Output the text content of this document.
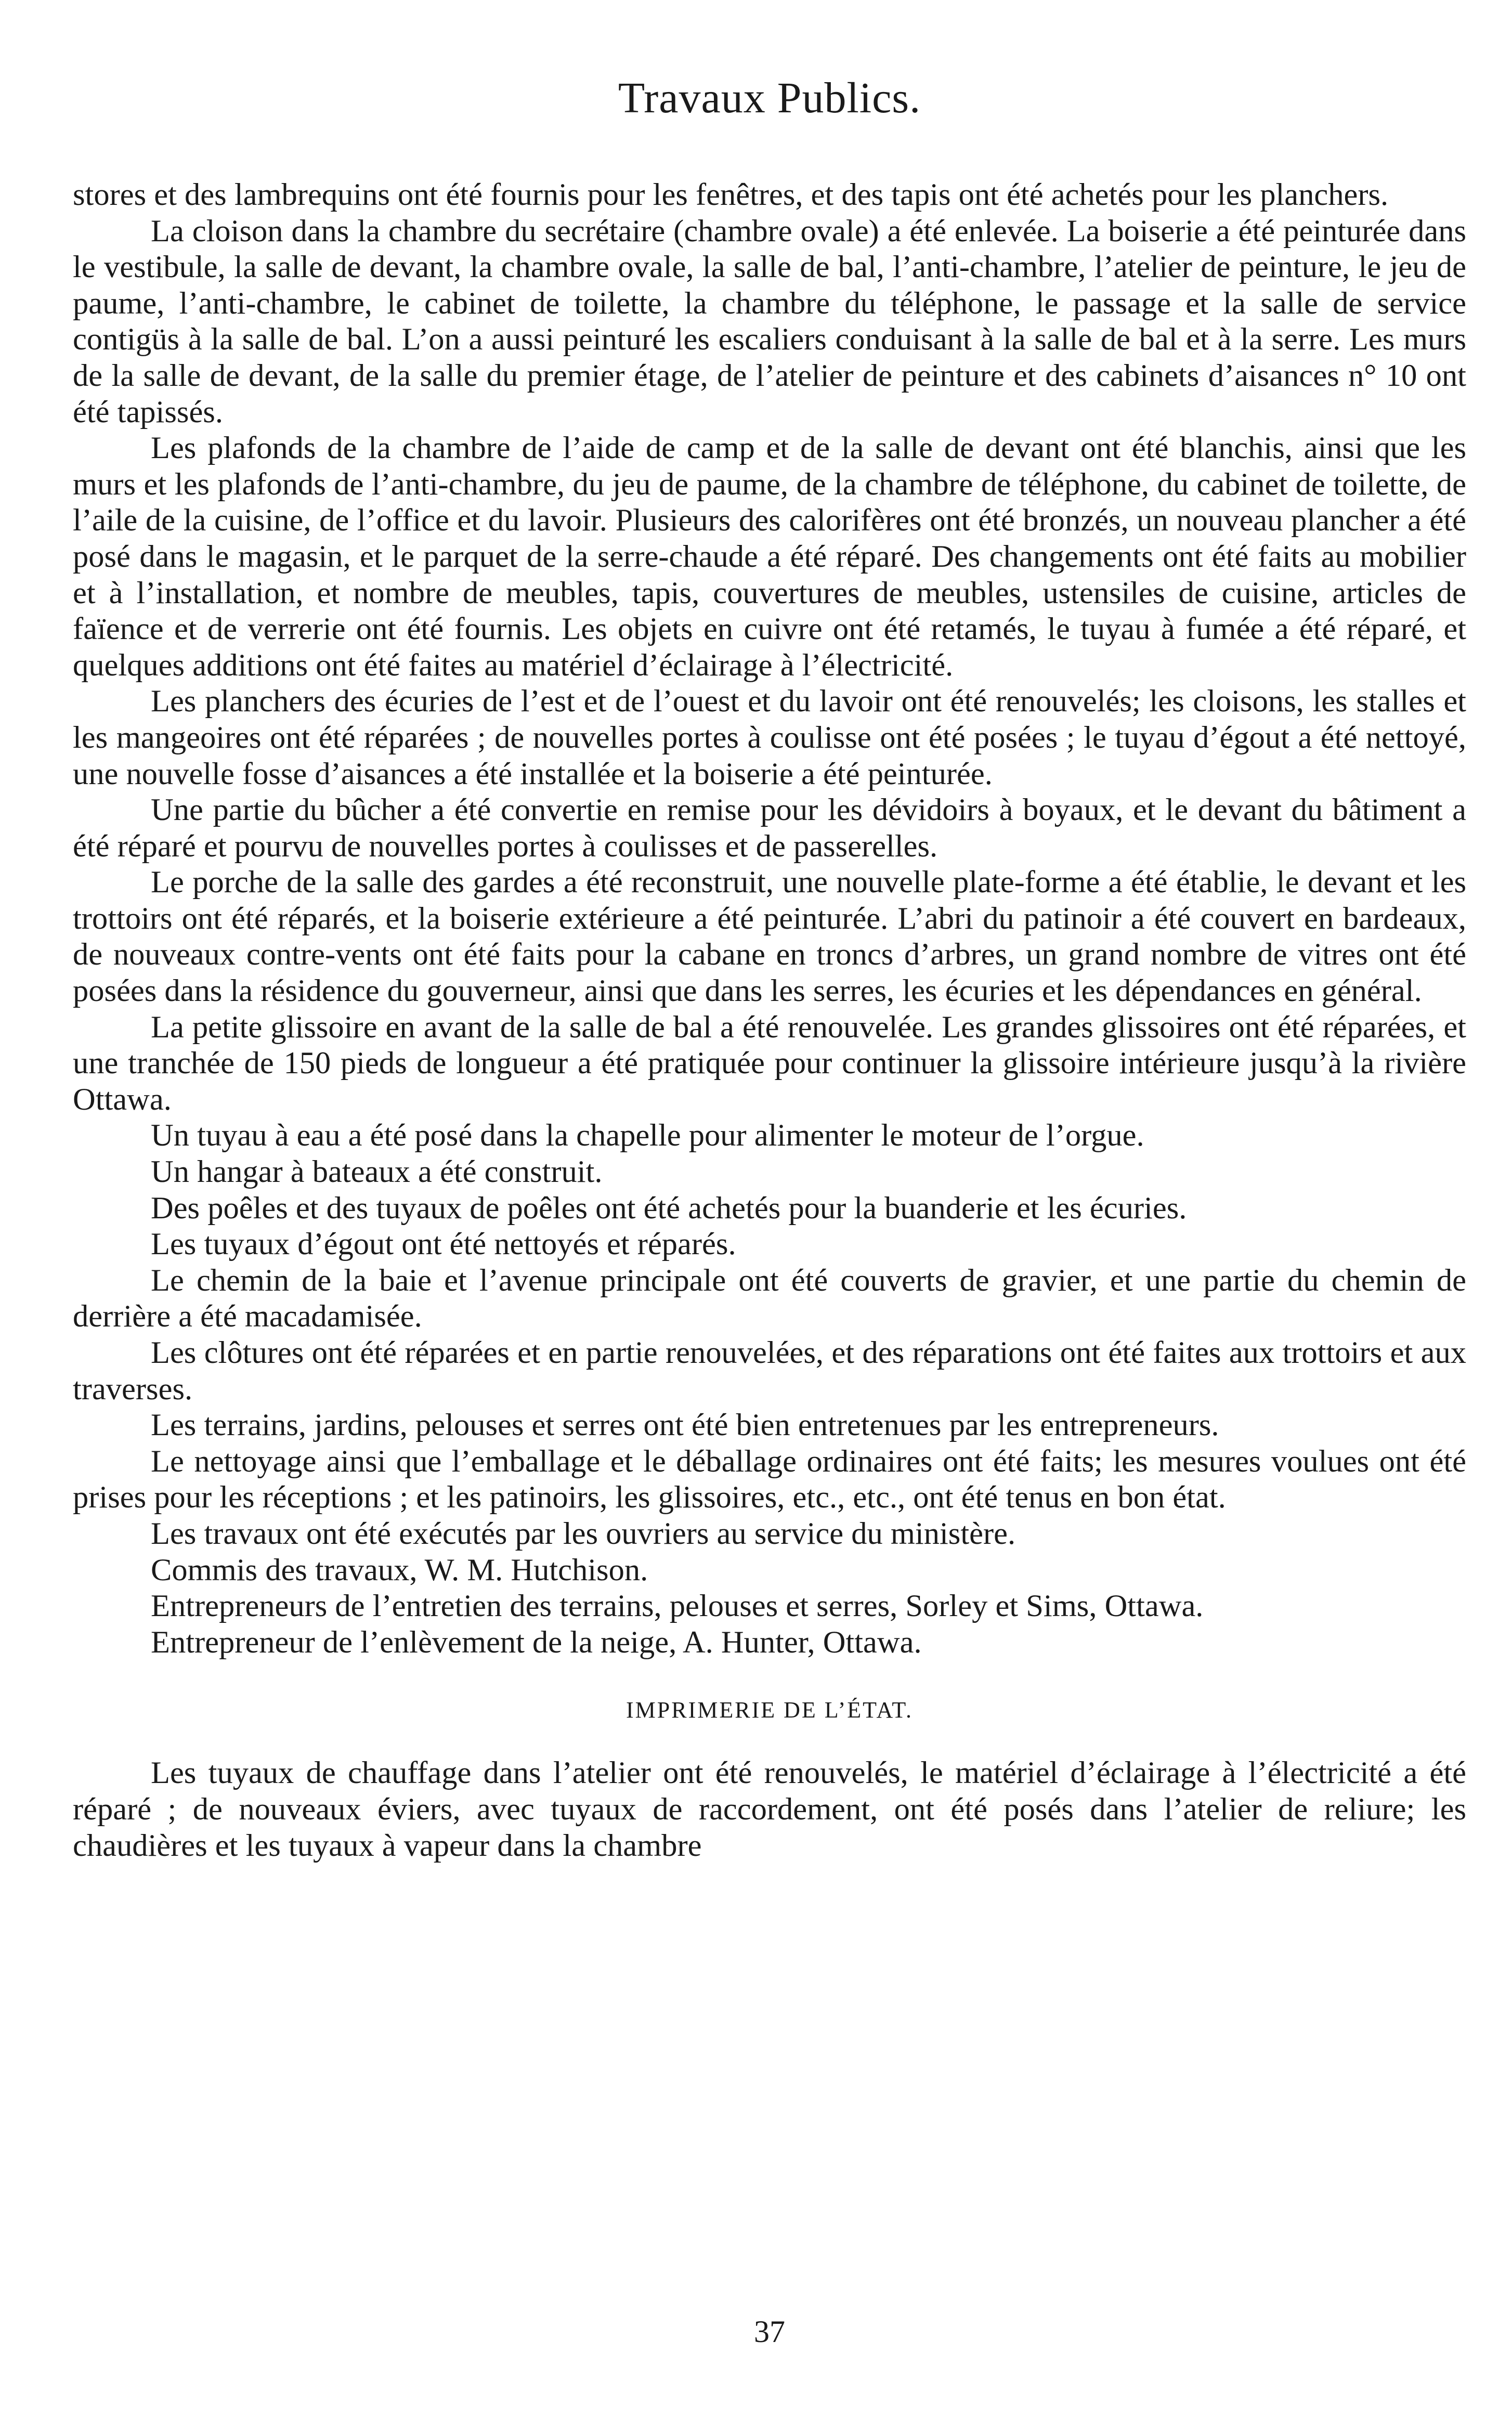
Travaux Publics.

stores et des lambrequins ont été fournis pour les fenêtres, et des tapis ont été achetés pour les planchers.

La cloison dans la chambre du secrétaire (chambre ovale) a été enlevée. La boiserie a été peinturée dans le vestibule, la salle de devant, la chambre ovale, la salle de bal, l’anti-chambre, l’atelier de peinture, le jeu de paume, l’anti-chambre, le cabinet de toilette, la chambre du téléphone, le passage et la salle de service contigüs à la salle de bal. L’on a aussi peinturé les escaliers conduisant à la salle de bal et à la serre. Les murs de la salle de devant, de la salle du premier étage, de l’atelier de peinture et des cabinets d’aisances n° 10 ont été tapissés.

Les plafonds de la chambre de l’aide de camp et de la salle de devant ont été blanchis, ainsi que les murs et les plafonds de l’anti-chambre, du jeu de paume, de la chambre de téléphone, du cabinet de toilette, de l’aile de la cuisine, de l’office et du lavoir. Plusieurs des calorifères ont été bronzés, un nouveau plancher a été posé dans le magasin, et le parquet de la serre-chaude a été réparé. Des changements ont été faits au mobilier et à l’installation, et nombre de meubles, tapis, couvertures de meubles, ustensiles de cuisine, articles de faïence et de verrerie ont été fournis. Les objets en cuivre ont été retamés, le tuyau à fumée a été réparé, et quelques additions ont été faites au matériel d’éclairage à l’électricité.

Les planchers des écuries de l’est et de l’ouest et du lavoir ont été renouvelés; les cloisons, les stalles et les mangeoires ont été réparées ; de nouvelles portes à coulisse ont été posées ; le tuyau d’égout a été nettoyé, une nouvelle fosse d’aisances a été installée et la boiserie a été peinturée.

Une partie du bûcher a été convertie en remise pour les dévidoirs à boyaux, et le devant du bâtiment a été réparé et pourvu de nouvelles portes à coulisses et de passerelles.

Le porche de la salle des gardes a été reconstruit, une nouvelle plate-forme a été établie, le devant et les trottoirs ont été réparés, et la boiserie extérieure a été peinturée. L’abri du patinoir a été couvert en bardeaux, de nouveaux contre-vents ont été faits pour la cabane en troncs d’arbres, un grand nombre de vitres ont été posées dans la résidence du gouverneur, ainsi que dans les serres, les écuries et les dépendances en général.

La petite glissoire en avant de la salle de bal a été renouvelée. Les grandes glissoires ont été réparées, et une tranchée de 150 pieds de longueur a été pratiquée pour continuer la glissoire intérieure jusqu’à la rivière Ottawa.

Un tuyau à eau a été posé dans la chapelle pour alimenter le moteur de l’orgue.

Un hangar à bateaux a été construit.

Des poêles et des tuyaux de poêles ont été achetés pour la buanderie et les écuries.

Les tuyaux d’égout ont été nettoyés et réparés.

Le chemin de la baie et l’avenue principale ont été couverts de gravier, et une partie du chemin de derrière a été macadamisée.

Les clôtures ont été réparées et en partie renouvelées, et des réparations ont été faites aux trottoirs et aux traverses.

Les terrains, jardins, pelouses et serres ont été bien entretenues par les entrepreneurs.

Le nettoyage ainsi que l’emballage et le déballage ordinaires ont été faits; les mesures voulues ont été prises pour les réceptions ; et les patinoirs, les glissoires, etc., etc., ont été tenus en bon état.

Les travaux ont été exécutés par les ouvriers au service du ministère.

Commis des travaux, W. M. Hutchison.

Entrepreneurs de l’entretien des terrains, pelouses et serres, Sorley et Sims, Ottawa.

Entrepreneur de l’enlèvement de la neige, A. Hunter, Ottawa.

IMPRIMERIE DE L’ÉTAT.

Les tuyaux de chauffage dans l’atelier ont été renouvelés, le matériel d’éclairage à l’électricité a été réparé ; de nouveaux éviers, avec tuyaux de raccordement, ont été posés dans l’atelier de reliure; les chaudières et les tuyaux à vapeur dans la chambre

37
